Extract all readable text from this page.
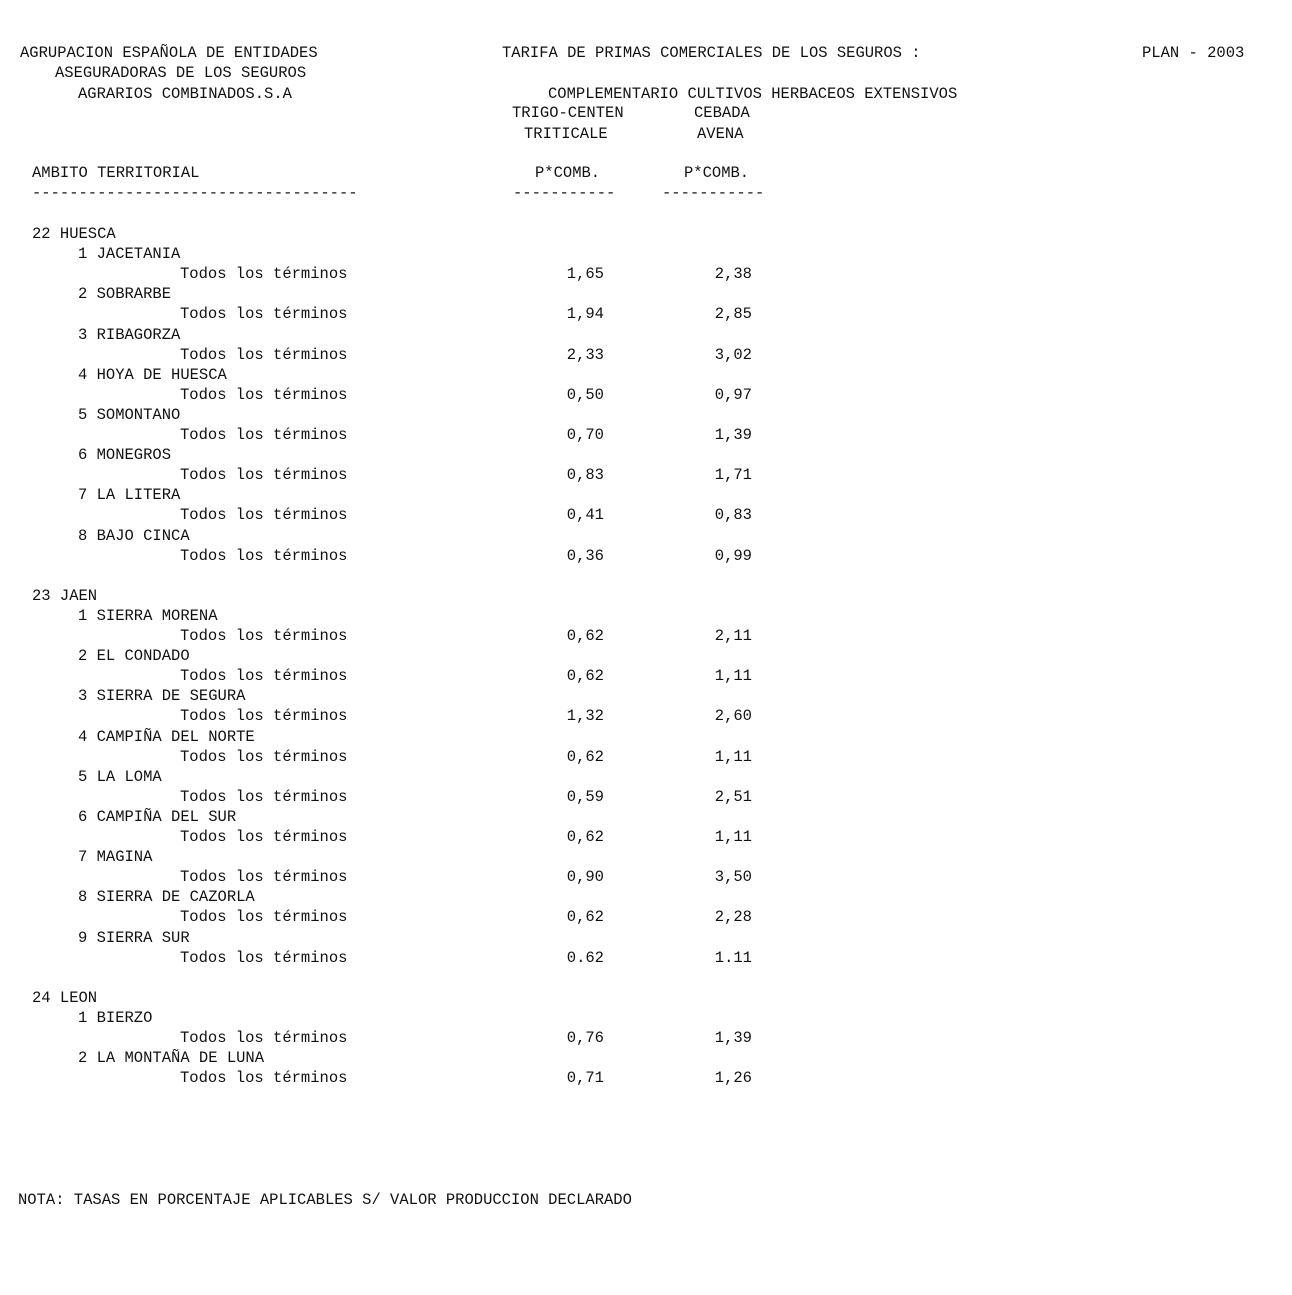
AGRUPACION ESPAÑOLA DE ENTIDADES
ASEGURADORAS DE LOS SEGUROS
AGRARIOS COMBINADOS.S.A
TARIFA DE PRIMAS COMERCIALES DE LOS SEGUROS :	PLAN - 2003
COMPLEMENTARIO CULTIVOS HERBACEOS EXTENSIVOS
TRIGO-CENTEN
TRITICALE
CEBADA
AVENA
AMBITO TERRITORIAL	P*COMB.	P*COMB.
-----------------------------------	-----------	-----------
22 HUESCA
1 JACETANIA
Todos los términos	1,65	2,38
2 SOBRARBE
Todos los términos	1,94	2,85
3 RIBAGORZA
Todos los términos	2,33	3,02
4 HOYA DE HUESCA
Todos los términos	0,50	0,97
5 SOMONTANO
Todos los términos	0,70	1,39
6 MONEGROS
Todos los términos	0,83	1,71
7 LA LITERA
Todos los términos	0,41	0,83
8 BAJO CINCA
Todos los términos	0,36	0,99
23 JAEN
1 SIERRA MORENA
Todos los términos	0,62	2,11
2 EL CONDADO
Todos los términos	0,62	1,11
3 SIERRA DE SEGURA
Todos los términos	1,32	2,60
4 CAMPIÑA DEL NORTE
Todos los términos	0,62	1,11
5 LA LOMA
Todos los términos	0,59	2,51
6 CAMPIÑA DEL SUR
Todos los términos	0,62	1,11
7 MAGINA
Todos los términos	0,90	3,50
8 SIERRA DE CAZORLA
Todos los términos	0,62	2,28
9 SIERRA SUR
Todos los términos	0.62	1.11
24 LEON
1 BIERZO
Todos los términos	0,76	1,39
2 LA MONTAÑA DE LUNA
Todos los términos	0,71	1,26
NOTA: TASAS EN PORCENTAJE APLICABLES S/ VALOR PRODUCCION DECLARADO
